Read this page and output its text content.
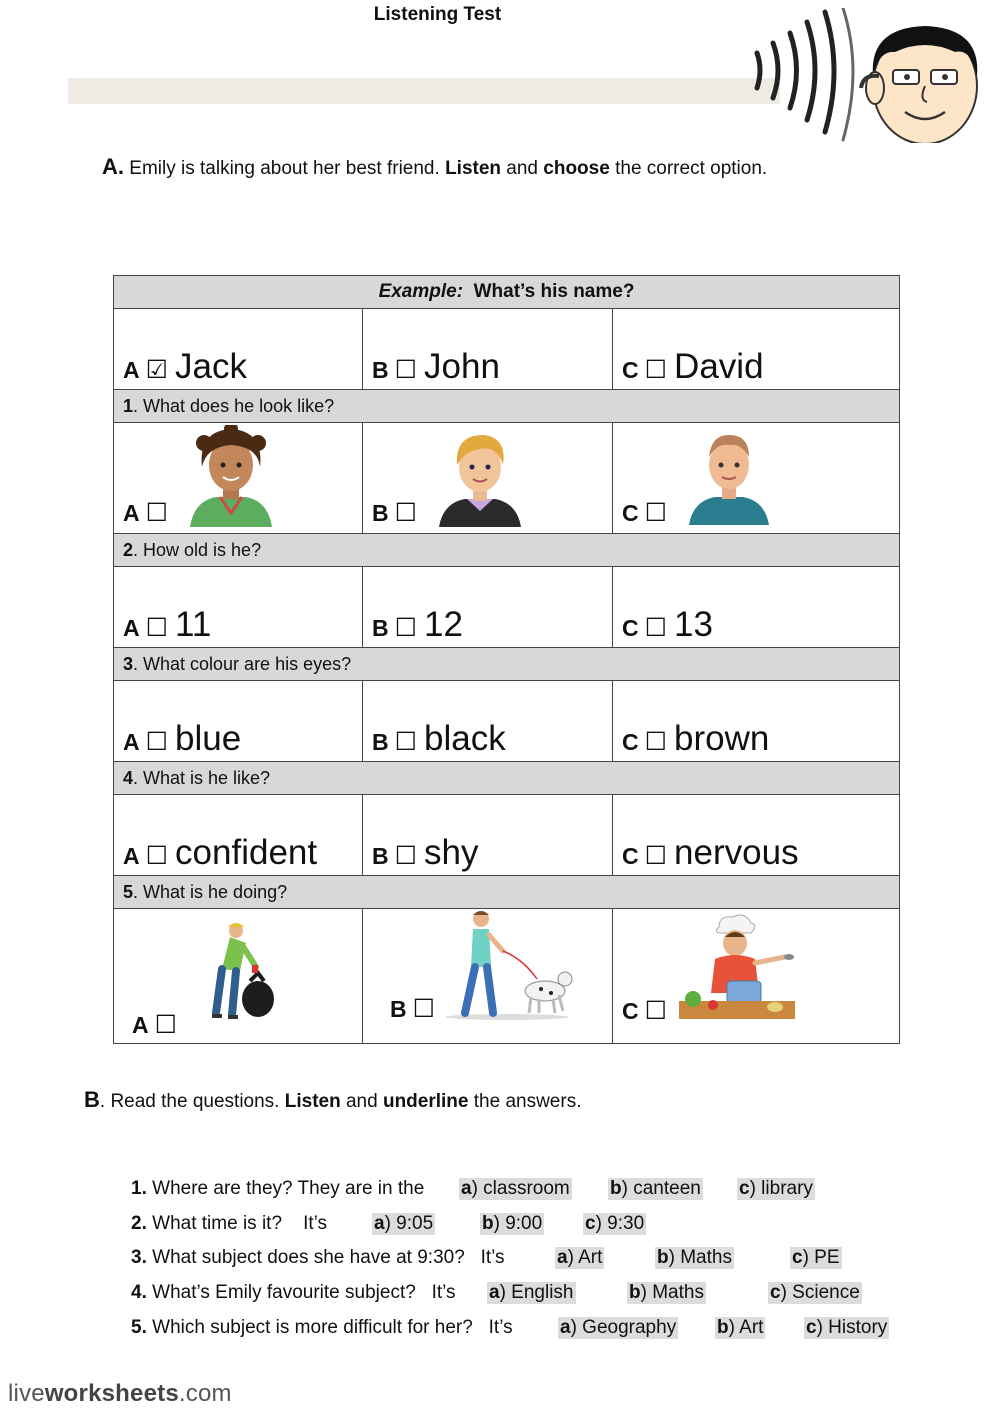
Listening Test
A. Emily is talking about her best friend. Listen and choose the correct option.
Example: What’s his name?		

A ☑ Jack	B ☐ John	C ☐ David

1. What does he look like?		

A ☐	B ☐	C ☐

2. How old is he?		

A ☐ 11	B ☐ 12	C ☐ 13

3. What colour are his eyes?		

A ☐ blue	B ☐ black	C ☐ brown

4. What is he like?		

A ☐ confident	B ☐ shy	C ☐ nervous

5. What is he doing?		

A ☐	B ☐	C ☐
B. Read the questions. Listen and underline the answers.
1. Where are they? They are in the a) classroom b) canteen c) library
2. What time is it?    It’s a) 9:05	b) 9:00 c) 9:30
3. What subject does she have at 9:30?   It’s	a) Art	b) Maths	c) PE
4. What’s Emily favourite subject?   It’s a) English	b) Maths	c) Science
5. Which subject is more difficult for her?   It’s a) Geography b) Art c) History
liveworksheets.com
